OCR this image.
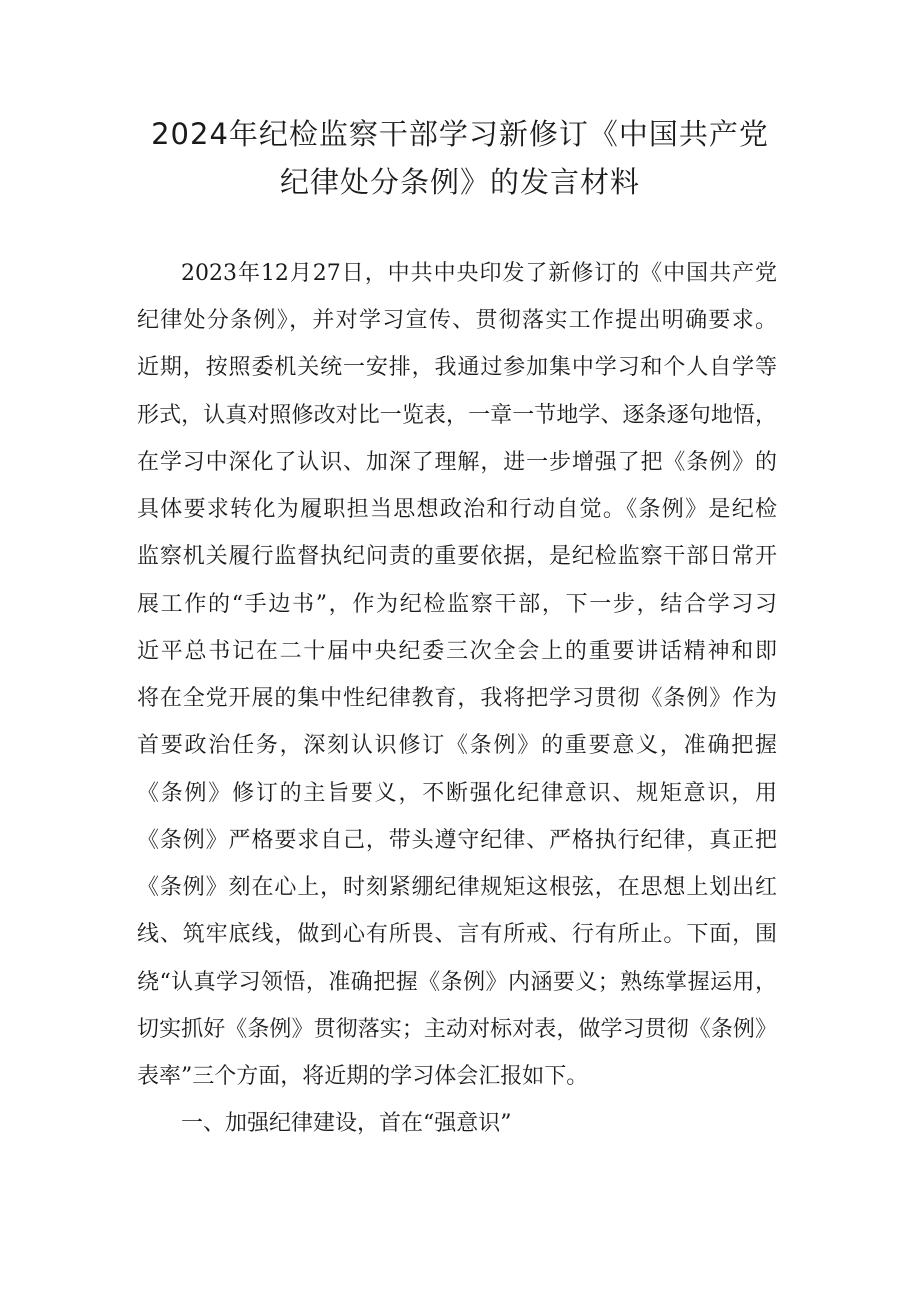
2024年纪检监察干部学习新修订《中国共产党
纪律处分条例》的发言材料

2023年12月27日，中共中央印发了新修订的《中国共产党

纪律处分条例》，并对学习宣传、贯彻落实工作提出明确要求。

近期，按照委机关统一安排，我通过参加集中学习和个人自学等

形式，认真对照修改对比一览表，一章一节地学、逐条逐句地悟，

在学习中深化了认识、加深了理解，进一步增强了把《条例》的

具体要求转化为履职担当思想政治和行动自觉。《条例》是纪检

监察机关履行监督执纪问责的重要依据，是纪检监察干部日常开

展工作的“手边书”，作为纪检监察干部，下一步，结合学习习

近平总书记在二十届中央纪委三次全会上的重要讲话精神和即

将在全党开展的集中性纪律教育，我将把学习贯彻《条例》作为

首要政治任务，深刻认识修订《条例》的重要意义，准确把握

《条例》修订的主旨要义，不断强化纪律意识、规矩意识，用

《条例》严格要求自己，带头遵守纪律、严格执行纪律，真正把

《条例》刻在心上，时刻紧绷纪律规矩这根弦，在思想上划出红

线、筑牢底线，做到心有所畏、言有所戒、行有所止。下面，围

绕“认真学习领悟，准确把握《条例》内涵要义；熟练掌握运用，

切实抓好《条例》贯彻落实；主动对标对表，做学习贯彻《条例》

表率”三个方面，将近期的学习体会汇报如下。

一、加强纪律建设，首在“强意识”
